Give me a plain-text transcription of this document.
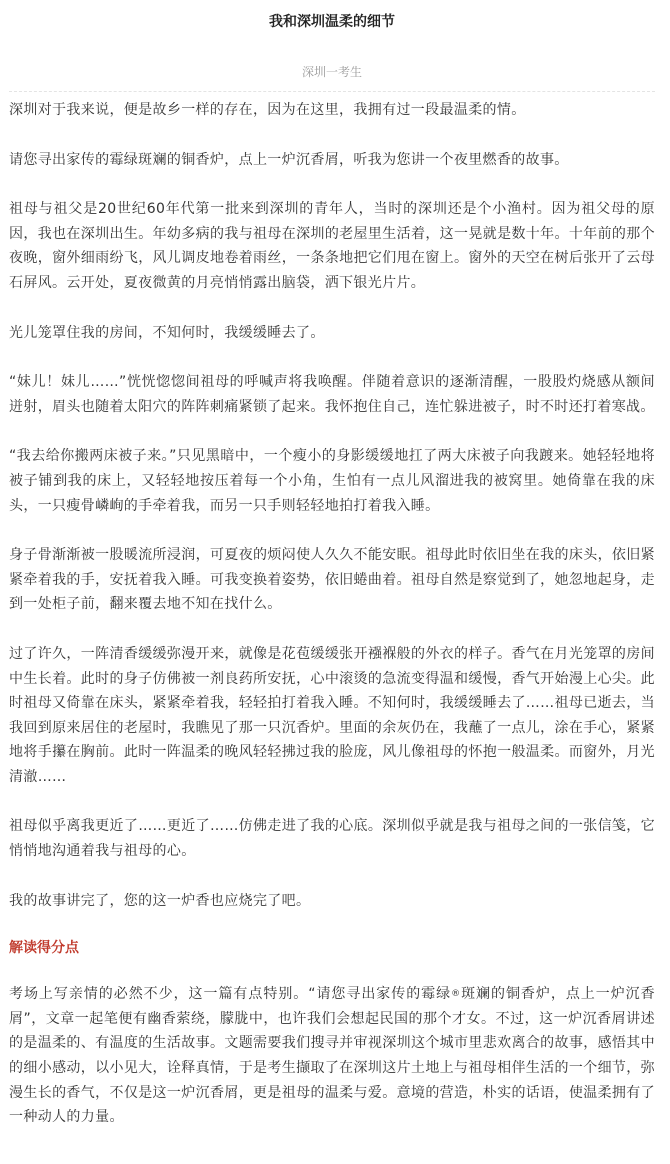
我和深圳温柔的细节

深圳一考生

深圳对于我来说，便是故乡一样的存在，因为在这里，我拥有过一段最温柔的情。

请您寻出家传的霉绿斑斓的铜香炉，点上一炉沉香屑，听我为您讲一个夜里燃香的故事。

祖母与祖父是20世纪60年代第一批来到深圳的青年人，当时的深圳还是个小渔村。因为祖父母的原因，我也在深圳出生。年幼多病的我与祖母在深圳的老屋里生活着，这一晃就是数十年。十年前的那个夜晚，窗外细雨纷飞，风儿调皮地卷着雨丝，一条条地把它们甩在窗上。窗外的天空在树后张开了云母石屏风。云开处，夏夜微黄的月亮悄悄露出脑袋，洒下银光片片。

光儿笼罩住我的房间，不知何时，我缓缓睡去了。

“妹儿！妹儿……”恍恍惚惚间祖母的呼喊声将我唤醒。伴随着意识的逐渐清醒，一股股灼烧感从额间迸射，眉头也随着太阳穴的阵阵刺痛紧锁了起来。我怀抱住自己，连忙躲进被子，时不时还打着寒战。

“我去给你搬两床被子来。”只见黑暗中，一个瘦小的身影缓缓地扛了两大床被子向我踱来。她轻轻地将被子铺到我的床上，又轻轻地按压着每一个小角，生怕有一点儿风溜进我的被窝里。她倚靠在我的床头，一只瘦骨嶙峋的手牵着我，而另一只手则轻轻地拍打着我入睡。

身子骨渐渐被一股暖流所浸润，可夏夜的烦闷使人久久不能安眠。祖母此时依旧坐在我的床头，依旧紧紧牵着我的手，安抚着我入睡。可我变换着姿势，依旧蜷曲着。祖母自然是察觉到了，她忽地起身，走到一处柜子前，翻来覆去地不知在找什么。

过了许久，一阵清香缓缓弥漫开来，就像是花苞缓缓张开襁褓般的外衣的样子。香气在月光笼罩的房间中生长着。此时的身子仿佛被一剂良药所安抚，心中滚烫的急流变得温和缓慢，香气开始漫上心尖。此时祖母又倚靠在床头，紧紧牵着我，轻轻拍打着我入睡。不知何时，我缓缓睡去了……祖母已逝去，当我回到原来居住的老屋时，我瞧见了那一只沉香炉。里面的余灰仍在，我蘸了一点儿，涂在手心，紧紧地将手攥在胸前。此时一阵温柔的晚风轻轻拂过我的脸庞，风儿像祖母的怀抱一般温柔。而窗外，月光清澈……

祖母似乎离我更近了……更近了……仿佛走进了我的心底。深圳似乎就是我与祖母之间的一张信笺，它悄悄地沟通着我与祖母的心。

我的故事讲完了，您的这一炉香也应烧完了吧。

解读得分点

考场上写亲情的必然不少，这一篇有点特别。“请您寻出家传的霉绿®斑斓的铜香炉，点上一炉沉香屑”，文章一起笔便有幽香萦绕，朦胧中，也许我们会想起民国的那个才女。不过，这一炉沉香屑讲述的是温柔的、有温度的生活故事。文题需要我们搜寻并审视深圳这个城市里悲欢离合的故事，感悟其中的细小感动，以小见大，诠释真情，于是考生撷取了在深圳这片土地上与祖母相伴生活的一个细节，弥漫生长的香气，不仅是这一炉沉香屑，更是祖母的温柔与爱。意境的营造，朴实的话语，使温柔拥有了一种动人的力量。
